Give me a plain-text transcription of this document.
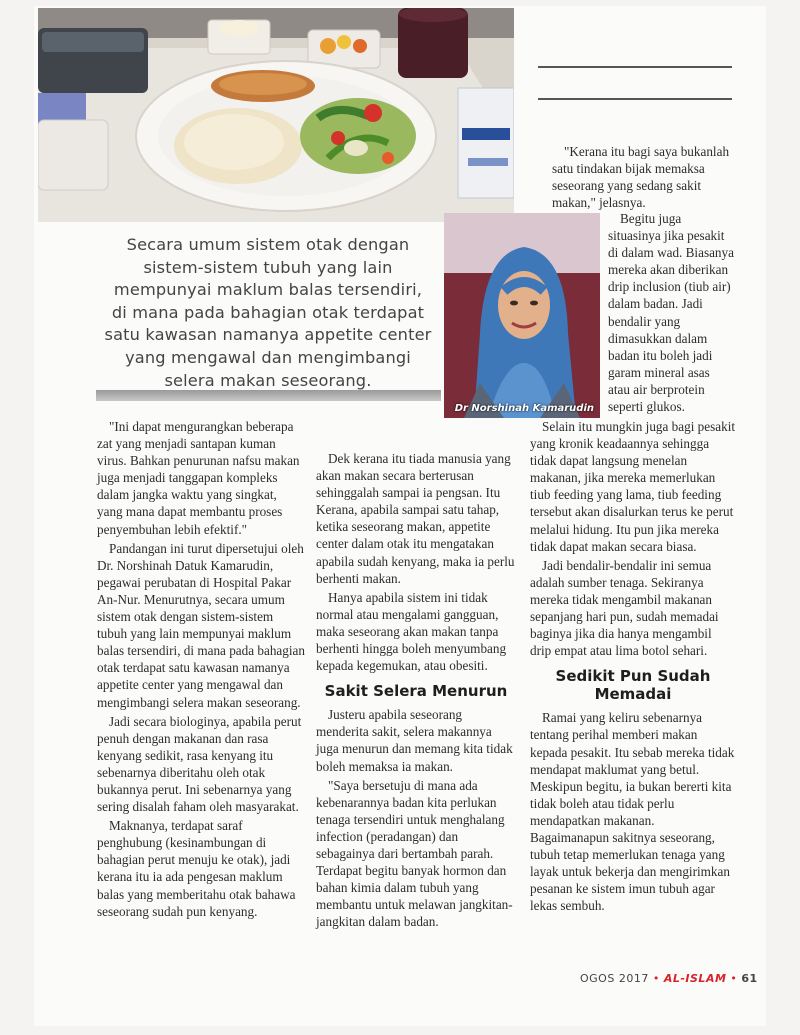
Secara umum sistem otak dengan sistem-sistem tubuh yang lain mempunyai maklum balas tersendiri, di mana pada bahagian otak terdapat satu kawasan namanya appetite center yang mengawal dan mengimbangi selera makan seseorang.

Dr Norshinah Kamarudin

"Kerana itu bagi saya bukanlah satu tindakan bijak memaksa seseorang yang sedang sakit makan," jelasnya.

Begitu juga situasinya jika pesakit di dalam wad. Biasanya mereka akan diberikan drip inclusion (tiub air) dalam badan. Jadi bendalir yang dimasukkan dalam badan itu boleh jadi garam mineral asas atau air berprotein seperti glukos.

"Ini dapat mengurangkan beberapa zat yang menjadi santapan kuman virus. Bahkan penurunan nafsu makan juga menjadi tanggapan kompleks dalam jangka waktu yang singkat, yang mana dapat membantu proses penyembuhan lebih efektif."

Pandangan ini turut dipersetujui oleh Dr. Norshinah Datuk Kamarudin, pegawai perubatan di Hospital Pakar An-Nur. Menurutnya, secara umum sistem otak dengan sistem-sistem tubuh yang lain mempunyai maklum balas tersendiri, di mana pada bahagian otak terdapat satu kawasan namanya appetite center yang mengawal dan mengimbangi selera makan seseorang.

Jadi secara biologinya, apabila perut penuh dengan makanan dan rasa kenyang sedikit, rasa kenyang itu sebenarnya diberitahu oleh otak bukannya perut. Ini sebenarnya yang sering disalah faham oleh masyarakat.

Maknanya, terdapat saraf penghubung (kesinambungan di bahagian perut menuju ke otak), jadi kerana itu ia ada pengesan maklum balas yang memberitahu otak bahawa seseorang sudah pun kenyang.

Dek kerana itu tiada manusia yang akan makan secara berterusan sehinggalah sampai ia pengsan. Itu Kerana, apabila sampai satu tahap, ketika seseorang makan, appetite center dalam otak itu mengatakan apabila sudah kenyang, maka ia perlu berhenti makan.

Hanya apabila sistem ini tidak normal atau mengalami gangguan, maka seseorang akan makan tanpa berhenti hingga boleh menyumbang kepada kegemukan, atau obesiti.

Sakit Selera Menurun

Justeru apabila seseorang menderita sakit, selera makannya juga menurun dan memang kita tidak boleh memaksa ia makan.

"Saya bersetuju di mana ada kebenarannya badan kita perlukan tenaga tersendiri untuk menghalang infection (peradangan) dan sebagainya dari bertambah parah. Terdapat begitu banyak hormon dan bahan kimia dalam tubuh yang membantu untuk melawan jangkitan-jangkitan dalam badan.

Selain itu mungkin juga bagi pesakit yang kronik keadaannya sehingga tidak dapat langsung menelan makanan, jika mereka memerlukan tiub feeding yang lama, tiub feeding tersebut akan disalurkan terus ke perut melalui hidung. Itu pun jika mereka tidak dapat makan secara biasa.

Jadi bendalir-bendalir ini semua adalah sumber tenaga. Sekiranya mereka tidak mengambil makanan sepanjang hari pun, sudah memadai baginya jika dia hanya mengambil drip empat atau lima botol sehari.

Sedikit Pun Sudah Memadai

Ramai yang keliru sebenarnya tentang perihal memberi makan kepada pesakit. Itu sebab mereka tidak mendapat maklumat yang betul. Meskipun begitu, ia bukan bererti kita tidak boleh atau tidak perlu mendapatkan makanan. Bagaimanapun sakitnya seseorang, tubuh tetap memerlukan tenaga yang layak untuk bekerja dan mengirimkan pesanan ke sistem imun tubuh agar lekas sembuh.

OGOS 2017 • AL-ISLAM • 61
